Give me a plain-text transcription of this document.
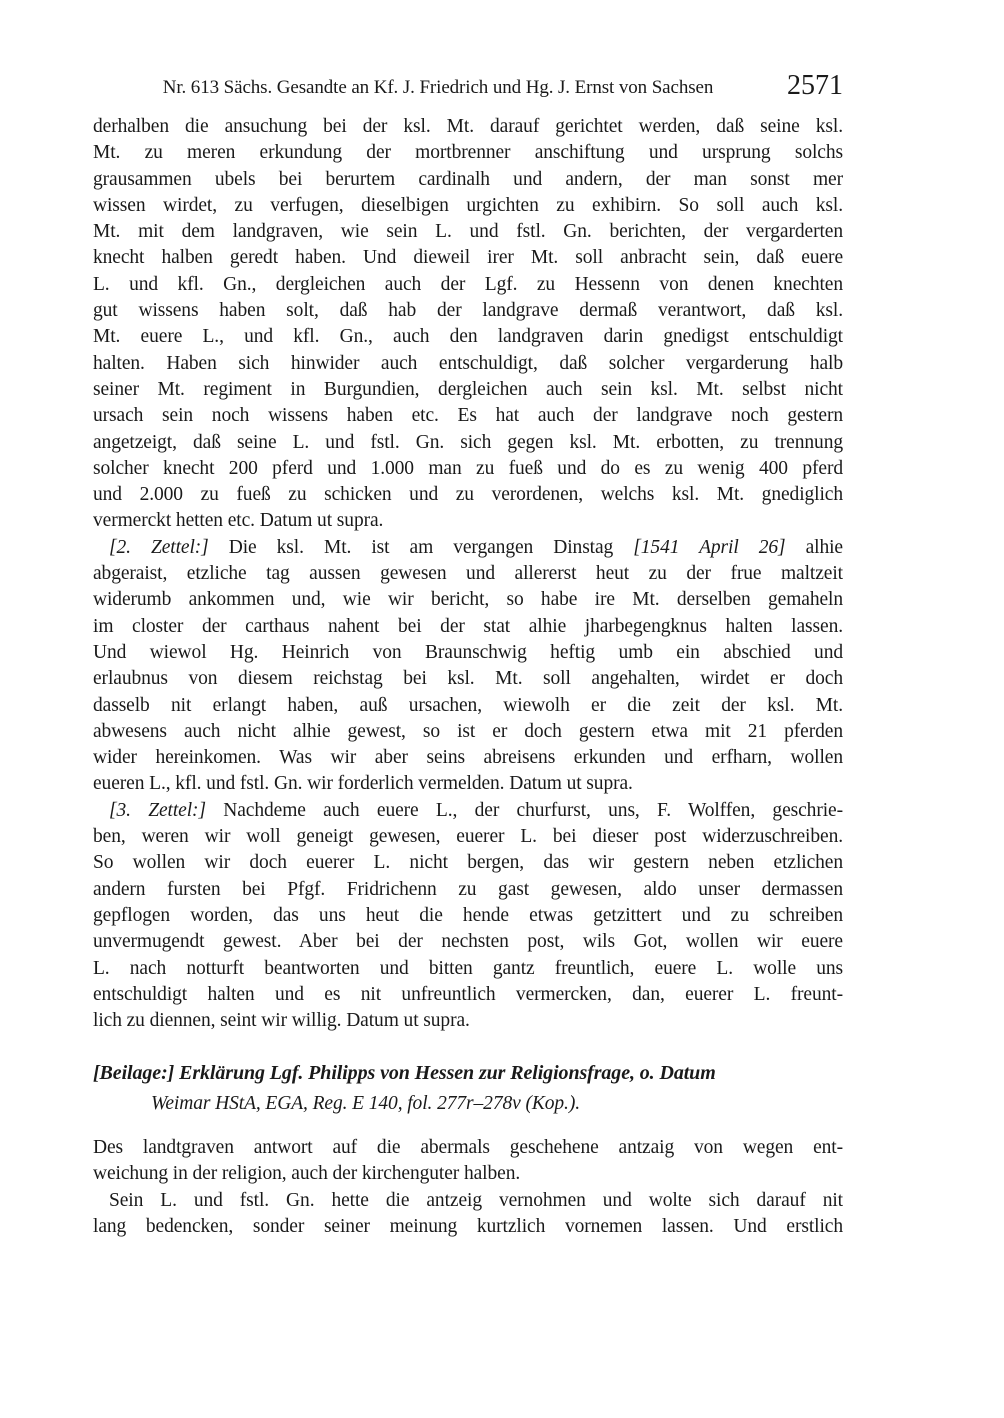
Nr. 613 Sächs. Gesandte an Kf. J. Friedrich und Hg. J. Ernst von Sachsen	2571
derhalben die ansuchung bei der ksl. Mt. darauf gerichtet werden, daß seine ksl.
Mt. zu meren erkundung der mortbrenner anschiftung und ursprung solchs
grausammen ubels bei berurtem cardinalh und andern, der man sonst mer
wissen wirdet, zu verfugen, dieselbigen urgichten zu exhibirn. So soll auch ksl.
Mt. mit dem landgraven, wie sein L. und fstl. Gn. berichten, der vergarderten
knecht halben geredt haben. Und dieweil irer Mt. soll anbracht sein, daß euere
L. und kfl. Gn., dergleichen auch der Lgf. zu Hessenn von denen knechten
gut wissens haben solt, daß hab der landgrave dermaß verantwort, daß ksl.
Mt. euere L., und kfl. Gn., auch den landgraven darin gnedigst entschuldigt
halten. Haben sich hinwider auch entschuldigt, daß solcher vergarderung halb
seiner Mt. regiment in Burgundien, dergleichen auch sein ksl. Mt. selbst nicht
ursach sein noch wissens haben etc. Es hat auch der landgrave noch gestern
angetzeigt, daß seine L. und fstl. Gn. sich gegen ksl. Mt. erbotten, zu trennung
solcher knecht 200 pferd und 1.000 man zu fueß und do es zu wenig 400 pferd
und 2.000 zu fueß zu schicken und zu verordenen, welchs ksl. Mt. gnediglich
vermerckt hetten etc. Datum ut supra.
[2. Zettel:] Die ksl. Mt. ist am vergangen Dinstag [1541 April 26] alhie
abgeraist, etzliche tag aussen gewesen und allererst heut zu der frue maltzeit
widerumb ankommen und, wie wir bericht, so habe ire Mt. derselben gemaheln
im closter der carthaus nahent bei der stat alhie jharbegengknus halten lassen.
Und wiewol Hg. Heinrich von Braunschwig heftig umb ein abschied und
erlaubnus von diesem reichstag bei ksl. Mt. soll angehalten, wirdet er doch
dasselb nit erlangt haben, auß ursachen, wiewolh er die zeit der ksl. Mt.
abwesens auch nicht alhie gewest, so ist er doch gestern etwa mit 21 pferden
wider hereinkomen. Was wir aber seins abreisens erkunden und erfharn, wollen
eueren L., kfl. und fstl. Gn. wir forderlich vermelden. Datum ut supra.
[3. Zettel:] Nachdeme auch euere L., der churfurst, uns, F. Wolffen, geschrie-
ben, weren wir woll geneigt gewesen, euerer L. bei dieser post widerzuschreiben.
So wollen wir doch euerer L. nicht bergen, das wir gestern neben etzlichen
andern fursten bei Pfgf. Fridrichenn zu gast gewesen, aldo unser dermassen
gepflogen worden, das uns heut die hende etwas getzittert und zu schreiben
unvermugendt gewest. Aber bei der nechsten post, wils Got, wollen wir euere
L. nach notturft beantworten und bitten gantz freuntlich, euere L. wolle uns
entschuldigt halten und es nit unfreuntlich vermercken, dan, euerer L. freunt-
lich zu diennen, seint wir willig. Datum ut supra.
[Beilage:] Erklärung Lgf. Philipps von Hessen zur Religionsfrage, o. Datum
Weimar HStA, EGA, Reg. E 140, fol. 277r–278v (Kop.).
Des landtgraven antwort auf die abermals geschehene antzaig von wegen ent-
weichung in der religion, auch der kirchenguter halben.
Sein L. und fstl. Gn. hette die antzeig vernohmen und wolte sich darauf nit
lang bedencken, sonder seiner meinung kurtzlich vornemen lassen. Und erstlich
